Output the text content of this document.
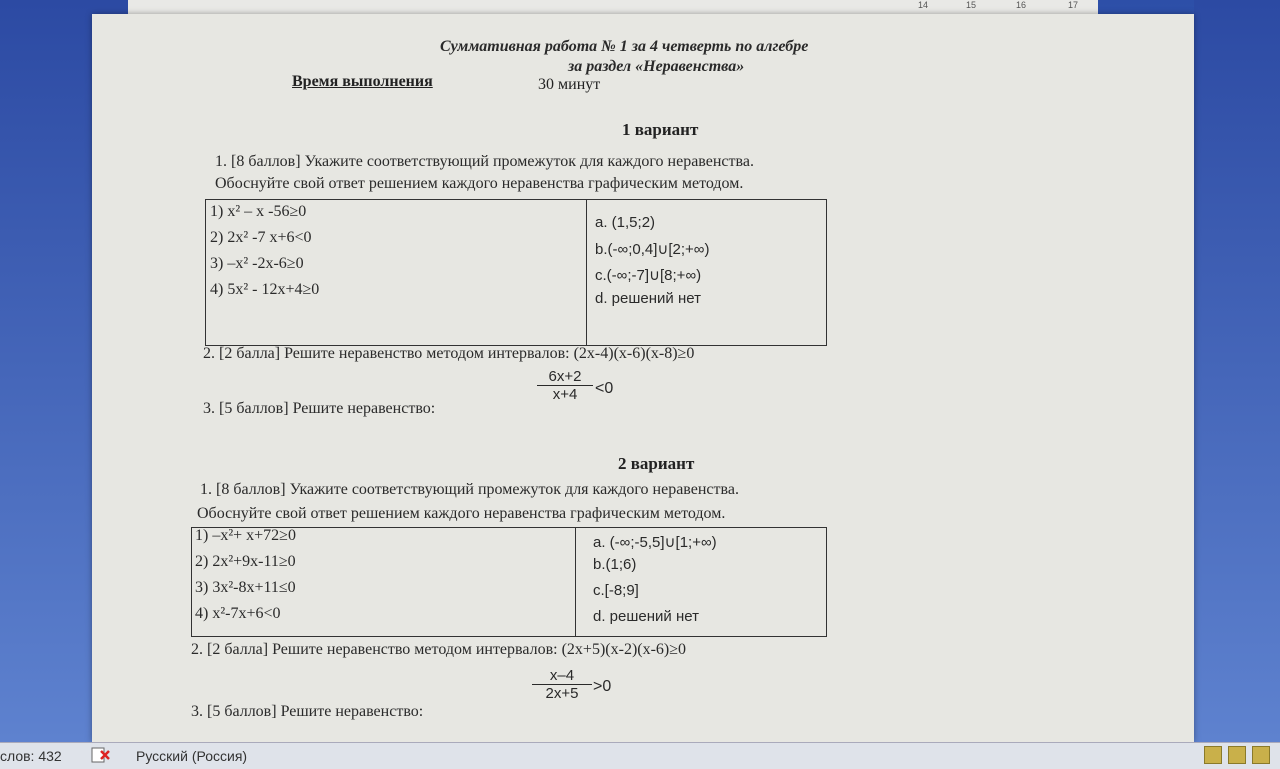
14	15	16	17
Суммативная работа № 1 за 4 четверть по алгебре
за раздел «Неравенства»
Время выполнения	30 минут
1 вариант
1. [8 баллов] Укажите соответствующий промежуток для каждого неравенства.
Обоснуйте свой ответ решением каждого неравенства графическим методом.
1) x² – x -56≥0
2) 2x² -7 x+6<0
3) –x² -2x-6≥0
4) 5x² - 12x+4≥0
a. (1,5;2)
b.(-∞;0,4]∪[2;+∞)
c.(-∞;-7]∪[8;+∞)
d. решений нет
2. [2 балла] Решите неравенство методом интервалов: (2x-4)(x-6)(x-8)≥0
3. [5 баллов] Решите неравенство:
$\frac{6x+2}{x+4} <0$
2 вариант
1. [8 баллов] Укажите соответствующий промежуток для каждого неравенства.
Обоснуйте свой ответ решением каждого неравенства графическим методом.
1) –x²+ x+72≥0
2) 2x²+9x-11≥0
3) 3x²-8x+11≤0
4) x²-7x+6<0
a. (-∞;-5,5]∪[1;+∞)
b.(1;6)
c.[-8;9]
d. решений нет
2. [2 балла] Решите неравенство методом интервалов: (2x+5)(x-2)(x-6)≥0
3. [5 баллов] Решите неравенство:
$\frac{x-4}{2x+5} >0$
слов: 432	Русский (Россия)
